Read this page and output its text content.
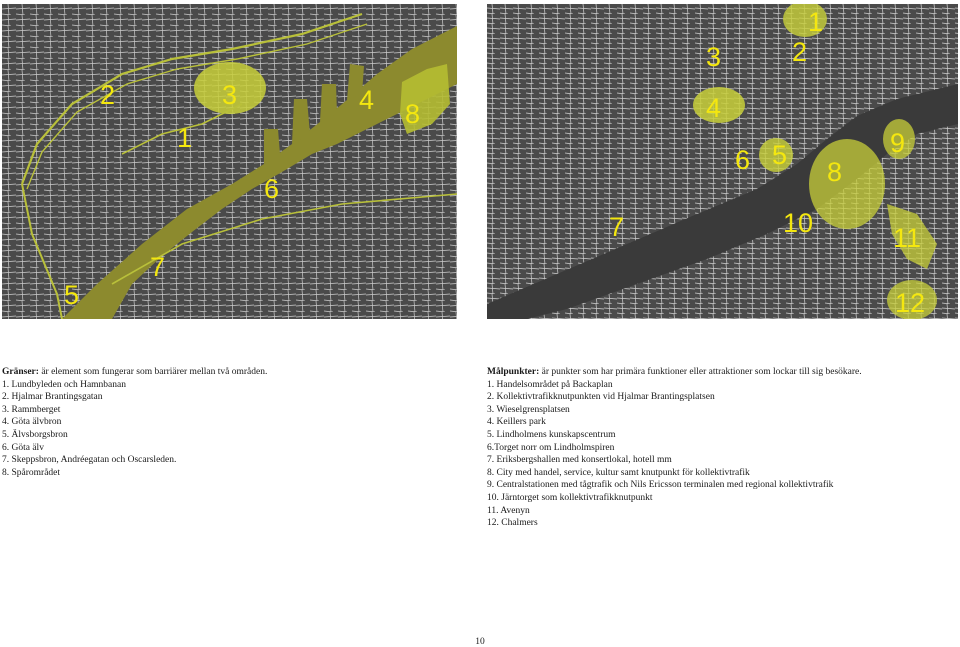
1
2	3	4
5
6
7
8
1
2
3
4
5
6
7
8
9
10	11
12
Gränser: är element som fungerar som barriärer mellan två områden.
1. Lundbyleden och Hamnbanan
2. Hjalmar Brantingsgatan
3. Rammberget
4. Göta älvbron
5. Älvsborgsbron
6. Göta älv
7. Skeppsbron, Andréegatan och Oscarsleden.
8. Spårområdet
Målpunkter: är punkter som har primära funktioner eller attraktioner som lockar till sig besökare.
1. Handelsområdet på Backaplan
2. Kollektivtrafikknutpunkten vid Hjalmar Brantingsplatsen
3. Wieselgrensplatsen
4. Keillers park
5. Lindholmens kunskapscentrum
6.Torget norr om Lindholmspiren
7. Eriksbergshallen med konsertlokal, hotell mm
8. City med handel, service, kultur samt knutpunkt för kollektivtrafik
9. Centralstationen med tågtrafik och Nils Ericsson terminalen med regional kollektivtrafik
10. Järntorget som kollektivtrafikknutpunkt
11. Avenyn
12. Chalmers
10
